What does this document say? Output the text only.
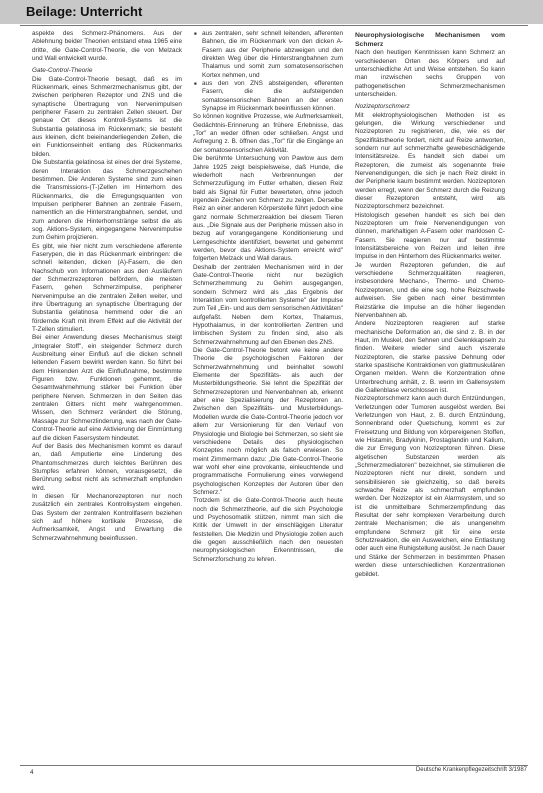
Beilage: Unterricht

aspekte des Schmerz-Phänomens. Aus der Ablehnung beider Theorien entstand etwa 1965 eine dritte, die Gate-Control-Theorie, die von Melzack und Wall entwickelt wurde.

Gate-Control-Theorie

Die Gate-Control-Theorie besagt, daß es im Rückenmark, eines Schmerzmechanismus gibt, der zwischen peripheren Rezeptor und ZNS und die synaptische Übertragung von Nervenimpulsen peripherer Fasern zu zentralen Zellen steuert. Der genaue Ort dieses Kontroll-Systems ist die Substantia gelatinosa im Rückenmark; sie besteht aus kleinen, dicht beieinanderliegenden Zellen, die ein Funktionseinheit entlang des Rückenmarks bilden.

Die Substantia gelatinosa ist eines der drei Systeme, deren Interaktion das Schmerzgeschehen bestimmen. Die Anderen Systeme sind zum einen die Transmissions-(T-)Zellen im Hinterhorn des Rückenmarks, die die Erregungsquanten von Impulsen peripherer Bahnen an zentrale Fasern, namentlich an die Hinterstrangbahnen, sendet, und zum anderen die Hinterhornstränge selbst die als sog. Aktions-System, eingegangene Nervenimpulse zum Gehirn projizieren.

Es gibt, wie hier nicht zum verschiedene afferente Faserypen, die in das Rückenmark einbringen: die schnell leitenden, dicken (A)-Fasern, die den Nachschub von Informationen aus den Ausläufern der Schmerzrezeptoren befördern, die meisten Fasern, gehen Schmerzimpulse, peripherer Nervenimpulse an die zentralen Zellen weiter, und ihre Übertragung an synaptische Übertragung der Substantia gelatinosa hemmend oder die an fördernde Kraft mit ihrem Effekt auf die Aktivität der T-Zellen stimuliert.

Bei einer Anwendung dieses Mechanismus steigt „Integraler Stoff", ein steigender Schmerz durch Ausbreitung einer Einfluß auf die dicken schnell leitenden Fasern bewirkt werden kann. So führt bei dem Hinkenden Arzt die Einflußnahme, bestimmte Figuren bzw. Funktionen gehemmt, die Gesamtwahrnehmung stärker bei Funktion über periphere Nerven. Schmerzen in den Seiten das zentralen Gitters nicht mehr wahrgenommen. Wissen, den Schmerz verändert die Störung, Massage zur Schmerzlinderung, was nach der Gate-Control-Theorie auf eine Aktivierung der Einmüntung auf die dicken Fasersystem hindeutet.

Auf der Basis des Mechanismen kommt es darauf an, daß Amputierte eine Linderung des Phantomschmerzes durch leichtes Berühren des Stumpfes erfahren können, vorausgesetzt, die Berührung selbst nicht als schmerzhaft empfunden wird.

In diesen für Mechanorezeptoren nur noch zusätzlich ein zentrales Kontrollsystem eingehen. Das System der zentralen Kontrollfasern beziehen sich auf höhere kortikale Prozesse, die Aufmerksamkeit, Angst und Erwartung die Schmerzwahrnehmung beeinflussen.

■ aus zentralen, sehr schnell leitenden, afferenten Bahnen, die im Rückenmark von den dicken A-Fasern aus der Peripherie abzweigen und den direkten Weg über die Hinterstrangbahnen zum Thalamus und somit zum somatosensorischen Kortex nehmen, und
■ aus den von ZNS absteigenden, efferenten Fasern, die die aufsteigenden somatosensorischen Bahnen an der ersten Synapse im Rückenmark beeinflussen können.

So können kognitive Prozesse, wie Aufmerksamkeit, Gedächtnis-Erinnerung an frühere Erlebnisse, das „Tor" an weder öffnen oder schließen. Angst und Aufregung z. B. öffnen das „Tor" für die Eingänge an der somatosensorischen Aktivität.

Die berühmte Untersuchung von Pawlow aus dem Jahre 1925 zeigt beispielsweise, daß Hunde, die wiederholt nach Verbrennungen der Schmerzzufügung im Futter erhalten, diesen Reiz bald als Signal für Futter bewerteten, ohne jedoch irgendein Zeichen von Schmerz zu zeigen. Derselbe Reiz an einer anderen Körperstelle führt jedoch eine ganz normale Schmerzreaktion bei diesem Tieren aus. „Die Signale aus der Peripherie müssen also in bezug auf vorangegangene Konditionierung und Lerngeschichte identifiziert, bewertet und gehemmt werden, bevor das Aktions-System erreicht wird" folgerten Melzack und Wall daraus.

Deshalb der zentralen Mechanismen wird in der Gate-Control-Theorie nicht nur bezüglich Schmerzhemmung zu Gehirn ausgegangen, sondern Schmerz wird als „das Ergebnis der Interaktion vom kontrollierten Systeme" der Impulse zum Teil „Ein- und aus dem sensorischen Aktivitäten" aufgefaßt. Neben dem Kortex, Thalamus, Hypothalamus, in der kontrollierten Zentren und limbischen System zu finden sind, also als Schmerzwahrnehmung auf den Ebenen des ZNS.

Die Gate-Control-Theorie betont wie keine andere Theorie die psychologischen Faktoren der Schmerzwahrnehmung und beinhaltet sowohl Elemente der Spezifitäts- als auch der Musterbildungstheorie. Sie lehnt die Spezifität der Schmerzrezeptoren und Nervenbahnen ab, erkennt aber eine Spezialisierung der Rezeptoren an. Zwischen den Spezifitäts- und Musterbildungs-Modellen wurde die Gate-Control-Theorie jedoch vor allem zur Versionierung für den Verlauf von Physiologie und Biologie bei Schmerzen, so sieht sie verschiedene Details des physiologischen Konzeptes noch möglich als falsch erwiesen. So meint Zimmermann dazu: „Die Gate-Control-Theorie war wohl eher eine provokante, einleuchtende und programmatische Formulierung eines vorwiegend psychologischen Konzeptes der Autoren über den Schmerz."

Trotzdem ist die Gate-Control-Theorie auch heute noch die Schmerztheorie, auf die sich Psychologie und Psychosomatik stützen, nimmt man sich die Kritik der Umwelt in der einschlägigen Literatur feststellen. Die Medizin und Physiologie zollen auch die gegen ausschließlich nach den neuesten neurophysiologischen Erkenntnissen, die Schmerzforschung zu lehren.

Neurophysiologische Mechanismen vom Schmerz

Nach den heutigen Kenntnissen kann Schmerz an verschiedenen Orten des Körpers und auf unterschiedliche Art und Weise entstehen. So kann man inzwischen sechs Gruppen von pathogenetischen Schmerzmechanismen unterscheiden.

Nozizeptorschmerz

Mit elektrophysiologischen Methoden ist es gelungen, die Wirkung verschiedener und Nozizeptoren zu registrieren, die, wie es der Spezifitätstheorie fordert, nicht auf Reize antworten, sondern nur auf schmerzhafte gewebeschädigende Intensitätsreize. Es handelt sich dabei um Rezeptoren, die zumeist als sogenannte freie Nervenendigungen, die sich je nach Reiz direkt in der Peripherie kaum bestimmt werden. Nozizeptoren werden erregt, wenn der Schmerz durch die Reizung dieser Rezeptoren entsteht, wird als Nozizeptorschmerz bezeichnet.

Histologisch gesehen handelt es sich bei den Nozizeptoren um freie Nervenendigungen von dünnen, markhaltigen A-Fasern oder marklosen C-Fasern. Sie reagieren nur auf bestimmte Intensitätsbereiche von Reizen und leiten ihre Impulse in den Hinterhorn des Rückenmarks weiter.

Je wurden Rezeptoren gefunden, die auf verschiedene Schmerzqualitäten reagieren, insbesondere Mechano-, Thermo- und Chemo-Nozizeptoren, und die eine sog. hohe Reizschwelle aufweisen. Sie geben nach einer bestimmten Reizstärke die Impulse an die höher liegenden Nervenbahnen ab.

Andere Nozizeptoren reagieren auf starke mechanische Deformation an, die sind z. B. in der Haut, im Muskel, den Sehnen und Gelenkkapseln zu finden. Weitere wieder sind auch viszerale Nozizeptoren, die starke passive Dehnung oder starke spastische Kontraktionen von glattmuskulären Organen melden. Wenn die Konzentration ohne Unterbrechung anhält, z. B. wenn im Gallensystem die Gallenblase verschlossen ist.

Nozizeptorschmerz kann auch durch Entzündungen, Verletzungen oder Tumoren ausgelöst werden. Bei Verletzungen von Haut, z. B. durch Entzündung, Sonnenbrand oder Quetschung, kommt es zur Freisetzung und Bildung von körpereigenen Stoffen, wie Histamin, Bradykinin, Prostaglandin und Kalium, die zur Erregung von Nozizeptoren führen. Diese algetischen Substanzen werden als „Schmerzmediatoren" bezeichnet, sie stimulieren die Nozizeptoren nicht nur direkt, sondern und sensibilisieren sie gleichzeitig, so daß bereits schwache Reize als schmerzhaft empfunden werden. Der Nozizeptor ist ein Alarmsystem, und so ist die unmittelbare Schmerzempfindung das Resultat der sehr komplexen Verarbeitung durch zentrale Mechanismen; die als unangenehm empfundene Schmerz gilt für eine erste Schutzreaktion, die ein Ausweichen, eine Entlastung oder auch eine Ruhigstellung auslöst. Je nach Dauer und Stärke der Schmerzen in bestimmten Phasen werden diese unterschiedlichen Konzentrationen gebildet.

4	Deutsche Krankenpflegezeitschrift 3/1987
